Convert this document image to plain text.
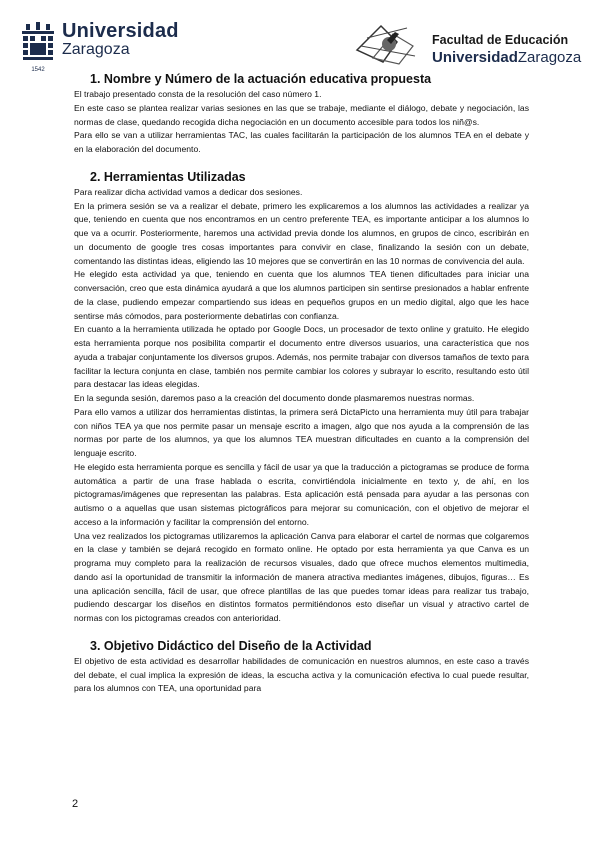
1542
Universidad
Zaragoza
Facultad de Educación
UniversidadZaragoza
1. Nombre y Número de la actuación educativa propuesta

El trabajo presentado consta de la resolución del caso número 1.

En este caso se plantea realizar varias sesiones en las que se trabaje, mediante el diálogo, debate y negociación, las normas de clase, quedando recogida dicha negociación en un documento accesible para todos los niñ@s.

Para ello se van a utilizar herramientas TAC, las cuales facilitarán la participación de los alumnos TEA en el debate y en la elaboración del documento.

2. Herramientas Utilizadas

Para realizar dicha actividad vamos a dedicar dos sesiones.

En la primera sesión se va a realizar el debate, primero les explicaremos a los alumnos las actividades a realizar ya que, teniendo en cuenta que nos encontramos en un centro preferente TEA, es importante anticipar a los alumnos lo que va a ocurrir. Posteriormente, haremos una actividad previa donde los alumnos, en grupos de cinco, escribirán en un documento de google tres cosas importantes para convivir en clase, finalizando la sesión con un debate, comentando las distintas ideas, eligiendo las 10 mejores que se convertirán en las 10 normas de convivencia del aula.

He elegido esta actividad ya que, teniendo en cuenta que los alumnos TEA tienen dificultades para iniciar una conversación, creo que esta dinámica ayudará a que los alumnos participen sin sentirse presionados a hablar enfrente de la clase, pudiendo empezar compartiendo sus ideas en pequeños grupos en un medio digital, algo que les hace sentirse más cómodos, para posteriormente debatirlas con confianza.

En cuanto a la herramienta utilizada he optado por Google Docs, un procesador de texto online y gratuito. He elegido esta herramienta porque nos posibilita compartir el documento entre diversos usuarios, una característica que nos ayuda a trabajar conjuntamente los diversos grupos. Además, nos permite trabajar con diversos tamaños de texto para facilitar la lectura conjunta en clase, también nos permite cambiar los colores y subrayar lo escrito, resultando esto útil para destacar las ideas elegidas.

En la segunda sesión, daremos paso a la creación del documento donde plasmaremos nuestras normas.

Para ello vamos a utilizar dos herramientas distintas, la primera será DictaPicto una herramienta muy útil para trabajar con niños TEA ya que nos permite pasar un mensaje escrito a imagen, algo que nos ayuda a la comprensión de las normas por parte de los alumnos, ya que los alumnos TEA muestran dificultades en cuanto a la comprensión del lenguaje escrito.

He elegido esta herramienta porque es sencilla y fácil de usar ya que la traducción a pictogramas se produce de forma automática a partir de una frase hablada o escrita, convirtiéndola inicialmente en texto y, de ahí, en los pictogramas/imágenes que representan las palabras. Esta aplicación está pensada para ayudar a las personas con autismo o a aquellas que usan sistemas pictográficos para mejorar su comunicación, con el objetivo de mejorar el acceso a la información y facilitar la comprensión del entorno.

Una vez realizados los pictogramas utilizaremos la aplicación Canva para elaborar el cartel de normas que colgaremos en la clase y también se dejará recogido en formato online. He optado por esta herramienta ya que Canva es un programa muy completo para la realización de recursos visuales, dado que ofrece muchos elementos multimedia, dando así la oportunidad de transmitir la información de manera atractiva mediantes imágenes, dibujos, figuras… Es una aplicación sencilla, fácil de usar, que ofrece plantillas de las que puedes tomar ideas para realizar tus trabajo, pudiendo descargar los diseños en distintos formatos permitiéndonos esto diseñar un visual y atractivo cartel de normas con los pictogramas creados con anterioridad.

3. Objetivo Didáctico del Diseño de la Actividad

El objetivo de esta actividad es desarrollar habilidades de comunicación en nuestros alumnos, en este caso a través del debate, el cual implica la expresión de ideas, la escucha activa y la comunicación efectiva lo cual puede resultar, para los alumnos con TEA, una oportunidad para

2
